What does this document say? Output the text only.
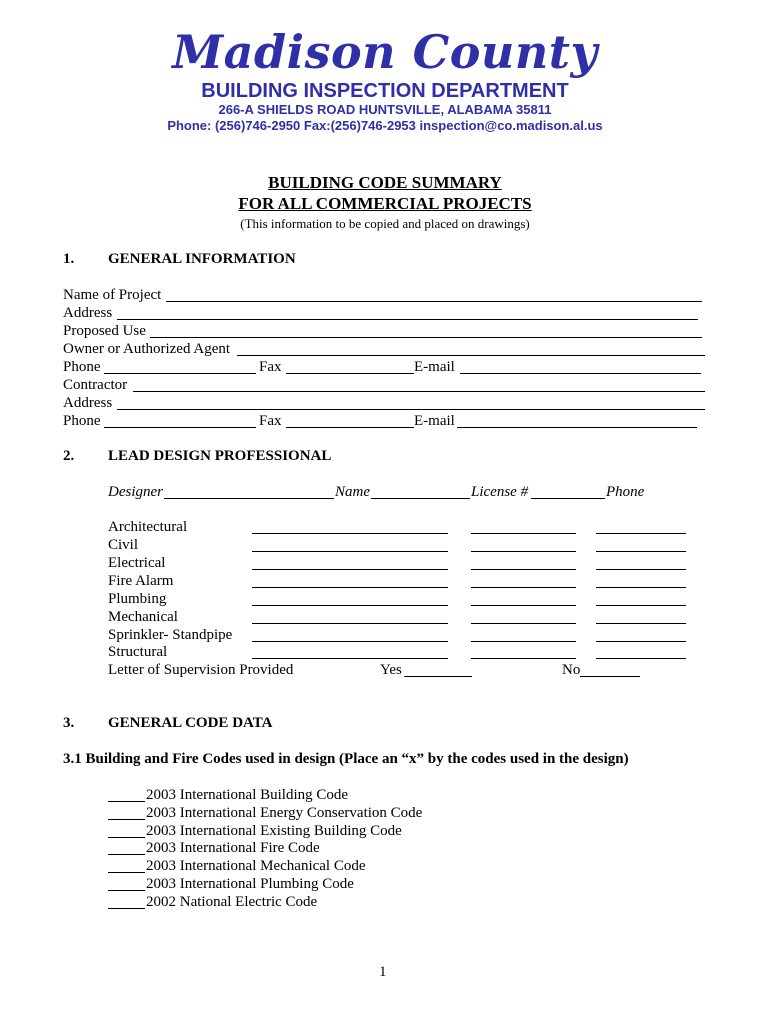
Madison County
BUILDING INSPECTION DEPARTMENT
266-A SHIELDS ROAD HUNTSVILLE, ALABAMA 35811
Phone: (256)746-2950 Fax:(256)746-2953 inspection@co.madison.al.us
BUILDING CODE SUMMARY
FOR ALL COMMERCIAL PROJECTS
(This information to be copied and placed on drawings)
1. GENERAL INFORMATION
Name of Project
Address
Proposed Use
Owner or Authorized Agent
Phone	Fax	E-mail
Contractor
Address
Phone	Fax	E-mail
2. LEAD DESIGN PROFESSIONAL
Designer	Name	License #	Phone
Architectural
Civil
Electrical
Fire Alarm
Plumbing
Mechanical
Sprinkler- Standpipe
Structural
Letter of Supervision Provided	Yes	No
3. GENERAL CODE DATA
3.1 Building and Fire Codes used in design (Place an “x” by the codes used in the design)
2003 International Building Code
2003 International Energy Conservation Code
2003 International Existing Building Code
2003 International Fire Code
2003 International Mechanical Code
2003 International Plumbing Code
2002 National Electric Code
1
